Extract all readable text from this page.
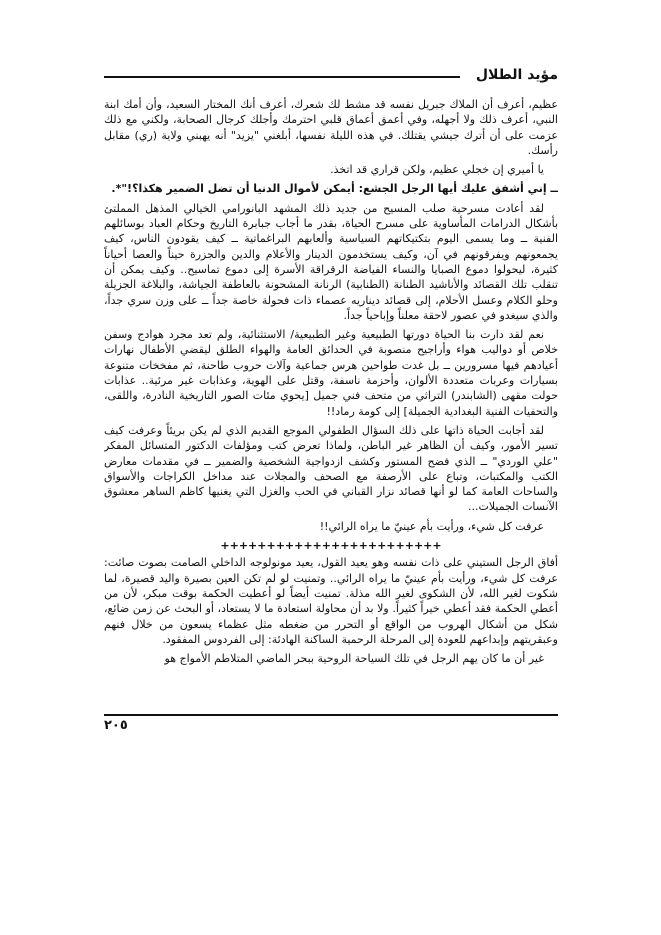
مؤيد الطلال

عظيم، أعرف أن الملاك جبريل نفسه قد مشط لك شعرك، أعرف أنك المختار السعيد، وأن أمك ابنة النبي، أعرف ذلك ولا أجهله، وفي أعمق أعماق قلبي احترمك وأجلك كرجال الصحابة، ولكني مع ذلك عزمت على أن أترك جيشي يقتلك. في هذه الليلة نفسها، أبلغني "يزيد" أنه يهبني ولاية (ري) مقابل رأسك.

يا أميري إن خجلي عظيم، ولكن قراري قد اتخذ.

ــ إني أشفق عليك أيها الرجل الجشع: أيمكن لأموال الدنيا أن تضل الضمير هكذا؟!"*.

لقد أعادت مسرحية صلب المسيح من جديد ذلك المشهد البانورامي الخيالي المذهل المملتئ بأشكال الدرامات المأساوية على مسرح الحياة، بقدر ما أجاب جبابرة التاريخ وحكام العباد بوسائلهم الفنية ــ وما يسمى اليوم بتكتيكاتهم السياسية وألعابهم البراغماتية ــ كيف يقودون الناس، كيف يجمعونهم ويفرقونهم في آن، وكيف يستخدمون الدينار والأعلام والدين والجزرة حيناً والعصا أحياناً كثيرة، ليحولوا دموع الصبايا والنساء الفياضة الرقراقة الأسرة إلى دموع تماسيح.. وكيف يمكن أن تنقلب تلك القصائد والأناشيد الطنانة (الطنابية) الرنانة المشحونة بالعاطفة الجياشة، والبلاغة الجزيلة وحلو الكلام وعسل الأحلام، إلى قصائد ديناريه عصماء ذات فحولة خاصة جداً ــ على وزن سري جداً، والذي سيغدو في عصور لاحقة معلناً وإباحياً جداً.

نعم لقد دارت بنا الحياة دورتها الطبيعية وغير الطبيعية/ الاستثنائية، ولم تعد مجرد هوادج وسفن خلاص أو دواليب هواء وأراجيح منصوبة في الحدائق العامة والهواء الطلق ليقضي الأطفال نهارات أعيادهم فيها مسرورين ــ بل غدت طواحين هرس جماعية وآلات حروب طاحنة، ثم مفخخات متنوعة بسيارات وعربات متعددة الألوان، وأحزمة ناسفة، وقتل على الهوية، وعذابات غير مرئية.. عذابات حولت مقهى (الشابندر) التراثي من متحف فني جميل [يحوي مئات الصور التاريخية النادرة، واللقى، والتحفيات الفنية البغدادية الجميلة] إلى كومة رماد!!

لقد أجابت الحياة ذاتها على ذلك السؤال الطفولي الموجع القديم الذي لم يكن بريئاً وعرفت كيف تسير الأمور، وكيف أن الظاهر غير الباطن، ولماذا تعرض كتب ومؤلفات الدكتور المتسائل المفكر "علي الوردي" ــ الذي فضح المستور وكشف ازدواجية الشخصية والضمير ــ في مقدمات معارض الكتب والمكتبات، وتباع على الأرصفة مع الصحف والمجلات عند مداخل الكراجات والأسواق والساحات العامة كما لو أنها قصائد نزار القباني في الحب والغزل التي يغنيها كاظم الساهر معشوق الآنسات الجميلات...

عرفت كل شيء، ورأيت بأم عينيّ ما يراه الرائي!!

++++++++++++++++++++++++

أفاق الرجل الستيني على ذات نفسه وهو يعيد القول، يعيد مونولوجه الداخلي الصامت بصوت صائت: عرفت كل شيء، ورأيت بأم عينيّ ما يراه الرائي.. وتمنيت لو لم تكن العين بصيرة واليد قصيرة، لما شكوت لغير الله، لأن الشكوى لغير الله مذلة. تمنيت أيضاً لو أعطيت الحكمة بوقت مبكر، لأن من أعطي الحكمة فقد أعطي خيراً كثيراً. ولا بد أن محاولة استعادة ما لا يستعاد، أو البحث عن زمن ضائع، شكل من أشكال الهروب من الواقع أو التحرر من ضغطه مثل عظماء يسعون من خلال فنهم وعبقريتهم وإبداعهم للعودة إلى المرحلة الرحمية الساكنة الهادئة: إلى الفردوس المفقود.

غير أن ما كان يهم الرجل في تلك السياحة الروحية ببحر الماضي المتلاطم الأمواج هو

٢٠٥
